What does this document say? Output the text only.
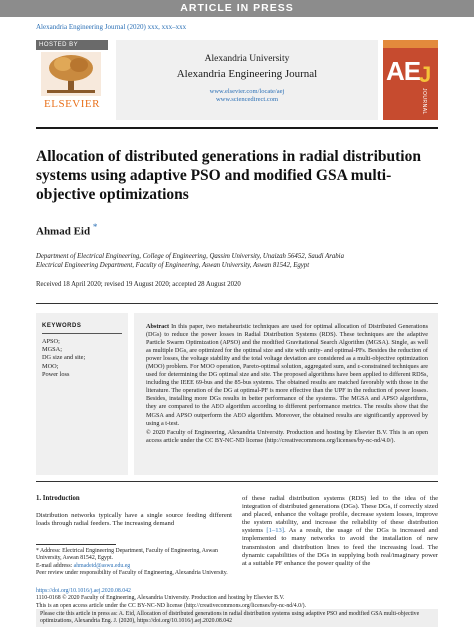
ARTICLE IN PRESS
Alexandria Engineering Journal (2020) xxx, xxx–xxx
HOSTED BY
ELSEVIER
Alexandria University
Alexandria Engineering Journal
www.elsevier.com/locate/aej
www.sciencedirect.com
AE
J
JOURNAL
Allocation of distributed generations in radial distribution systems using adaptive PSO and modified GSA multi-objective optimizations
Ahmad Eid *
Department of Electrical Engineering, College of Engineering, Qassim University, Unaizah 56452, Saudi Arabia
Electrical Engineering Department, Faculty of Engineering, Aswan University, Aswan 81542, Egypt
Received 18 April 2020; revised 19 August 2020; accepted 28 August 2020
KEYWORDS
APSO;
MGSA;
DG size and site;
MOO;
Power loss
Abstract In this paper, two metaheuristic techniques are used for optimal allocation of Distributed Generations (DGs) to reduce the power losses in Radial Distribution Systems (RDS). These techniques are the adaptive Particle Swarm Optimization (APSO) and the modified Gravitational Search Algorithm (MGSA). Single, as well as multiple DGs, are optimized for the optimal size and site with unity- and optimal-PFs. Besides the reduction of power losses, the voltage stability and the total voltage deviation are considered as a multi-objective optimization (MOO) problem. For MOO operation, Pareto-optimal solution, aggregated sum, and ε-constrained techniques are used for determining the DG optimal size and site. The proposed algorithms have been applied to different RDSs, including the IEEE 69-bus and the 85-bus systems. The obtained results are matched favorably with those in the literature. The operation of the DG at optimal-PF is more effective than the UPF in the reduction of power losses. Besides, installing more DGs results in better performance of the systems. The MGSA and APSO algorithms, they are compared to the AEO algorithm according to different performance metrics. The results show that the MGSA and APSO outperform the AEO algorithm. Moreover, the obtained results are significantly approved by using a t-test.
© 2020 Faculty of Engineering, Alexandria University. Production and hosting by Elsevier B.V. This is an open access article under the CC BY-NC-ND license (http://creativecommons.org/licenses/by-nc-nd/4.0/).
1. Introduction
Distribution networks typically have a single source feeding different loads through radial feeders. The increasing demand
of these radial distribution systems (RDS) led to the idea of the integration of distributed generations (DGs). These DGs, if correctly sized and placed, enhance the voltage profile, decrease system losses, improve the system stability, and increase the reliability of these distribution systems [1–13]. As a result, the usage of the DGs is increased and implemented to many networks to avoid the installation of new transmission and distribution lines to feed the increasing load. The dynamic capabilities of the DGs in supplying both real/imaginary power at a suitable PF enhance the power quality of the
* Address: Electrical Engineering Department, Faculty of Engineering, Aswan University, Aswan 81542, Egypt.
E-mail address: ahmadeid@aswu.edu.eg
Peer review under responsibility of Faculty of Engineering, Alexandria University.
https://doi.org/10.1016/j.aej.2020.08.042
1110-0168 © 2020 Faculty of Engineering, Alexandria University. Production and hosting by Elsevier B.V.
This is an open access article under the CC BY-NC-ND license (http://creativecommons.org/licenses/by-nc-nd/4.0/).
Please cite this article in press as: A. Eid, Allocation of distributed generations in radial distribution systems using adaptive PSO and modified GSA multi-objective optimizations, Alexandria Eng. J. (2020), https://doi.org/10.1016/j.aej.2020.08.042
